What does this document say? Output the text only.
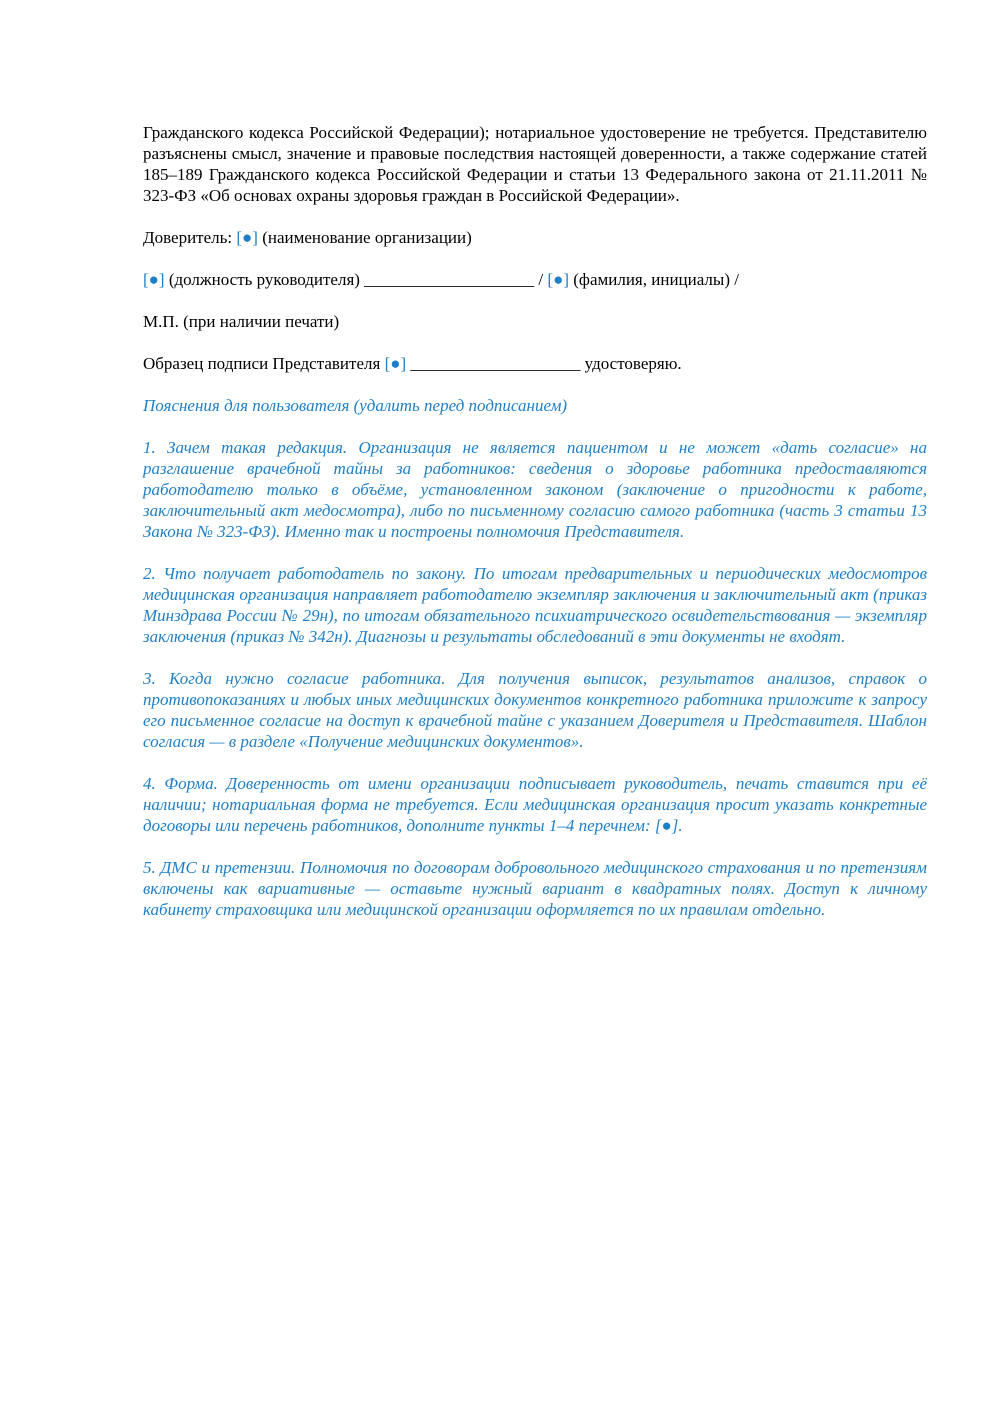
Гражданского кодекса Российской Федерации); нотариальное удостоверение не требуется. Представителю разъяснены смысл, значение и правовые последствия настоящей доверенности, а также содержание статей 185–189 Гражданского кодекса Российской Федерации и статьи 13 Федерального закона от 21.11.2011 № 323-ФЗ «Об основах охраны здоровья граждан в Российской Федерации».

Доверитель: [●] (наименование организации)

[●] (должность руководителя) ____________________ / [●] (фамилия, инициалы) /

М.П. (при наличии печати)

Образец подписи Представителя [●] ____________________ удостоверяю.

Пояснения для пользователя (удалить перед подписанием)

1. Зачем такая редакция. Организация не является пациентом и не может «дать согласие» на разглашение врачебной тайны за работников: сведения о здоровье работника предоставляются работодателю только в объёме, установленном законом (заключение о пригодности к работе, заключительный акт медосмотра), либо по письменному согласию самого работника (часть 3 статьи 13 Закона № 323-ФЗ). Именно так и построены полномочия Представителя.

2. Что получает работодатель по закону. По итогам предварительных и периодических медосмотров медицинская организация направляет работодателю экземпляр заключения и заключительный акт (приказ Минздрава России № 29н), по итогам обязательного психиатрического освидетельствования — экземпляр заключения (приказ № 342н). Диагнозы и результаты обследований в эти документы не входят.

3. Когда нужно согласие работника. Для получения выписок, результатов анализов, справок о противопоказаниях и любых иных медицинских документов конкретного работника приложите к запросу его письменное согласие на доступ к врачебной тайне с указанием Доверителя и Представителя. Шаблон согласия — в разделе «Получение медицинских документов».

4. Форма. Доверенность от имени организации подписывает руководитель, печать ставится при её наличии; нотариальная форма не требуется. Если медицинская организация просит указать конкретные договоры или перечень работников, дополните пункты 1–4 перечнем: [●].

5. ДМС и претензии. Полномочия по договорам добровольного медицинского страхования и по претензиям включены как вариативные — оставьте нужный вариант в квадратных полях. Доступ к личному кабинету страховщика или медицинской организации оформляется по их правилам отдельно.
